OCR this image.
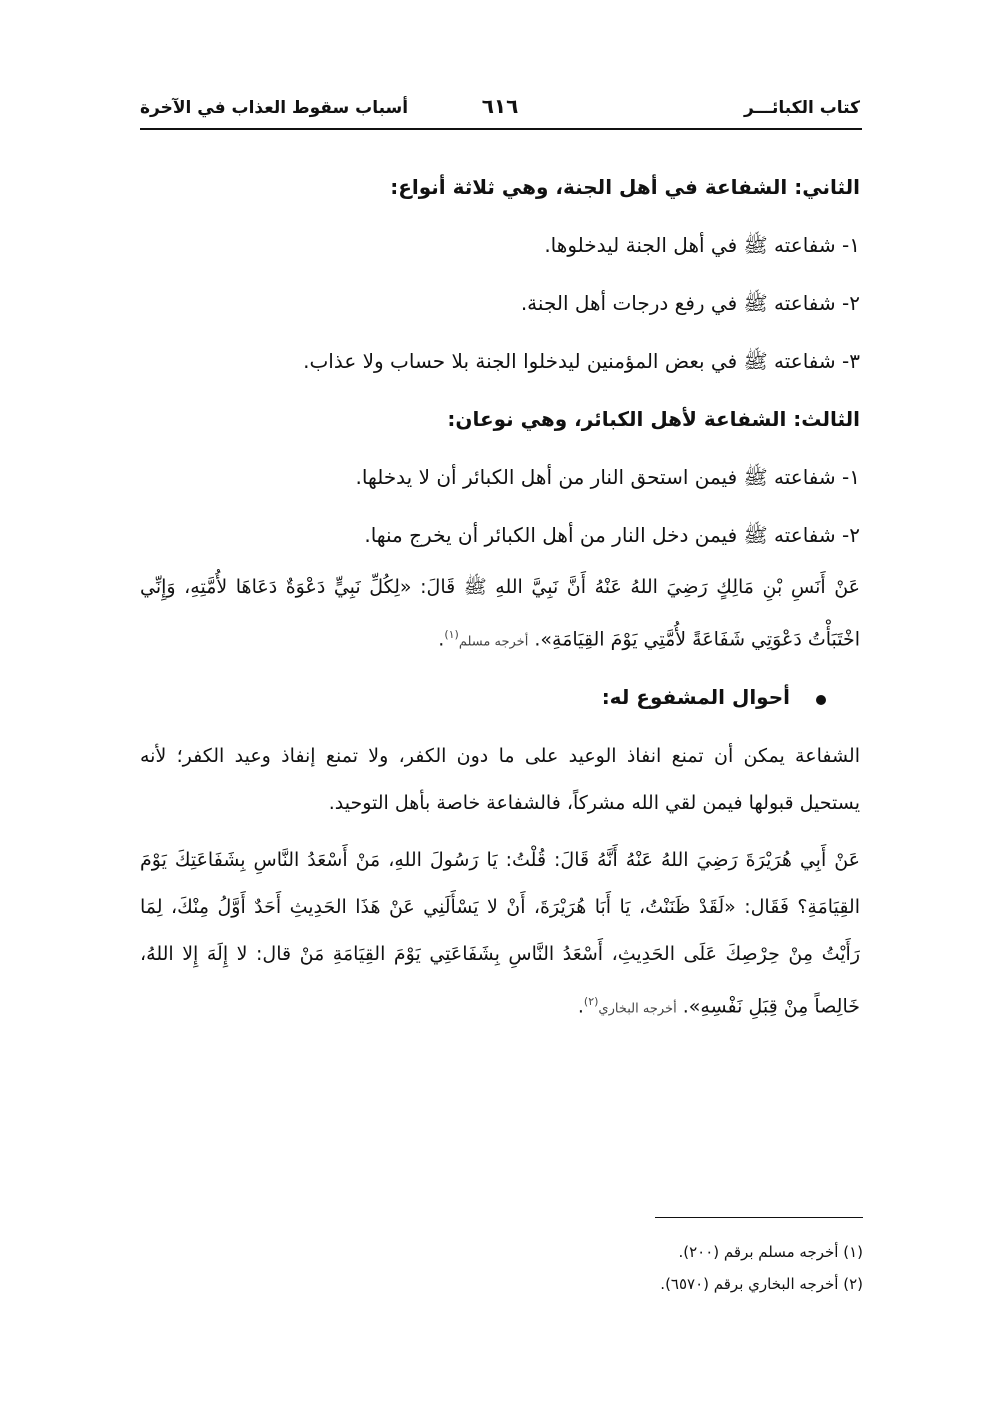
كتاب الكبائـــر
٦١٦
أسباب سقوط العذاب في الآخرة

الثاني: الشفاعة في أهل الجنة، وهي ثلاثة أنواع:

١- شفاعته ﷺ في أهل الجنة ليدخلوها.

٢- شفاعته ﷺ في رفع درجات أهل الجنة.

٣- شفاعته ﷺ في بعض المؤمنين ليدخلوا الجنة بلا حساب ولا عذاب.

الثالث: الشفاعة لأهل الكبائر، وهي نوعان:

١- شفاعته ﷺ فيمن استحق النار من أهل الكبائر أن لا يدخلها.

٢- شفاعته ﷺ فيمن دخل النار من أهل الكبائر أن يخرج منها.

عَنْ أَنَسِ بْنِ مَالِكٍ رَضِيَ اللهُ عَنْهُ أَنَّ نَبِيَّ اللهِ ﷺ قَالَ: «لِكُلِّ نَبِيٍّ دَعْوَةٌ دَعَاهَا لأُمَّتِهِ، وَإِنِّي اخْتَبَأْتُ دَعْوَتِي شَفَاعَةً لأُمَّتِي يَوْمَ القِيَامَةِ». أخرجه مسلم$^{(١)}$.

أحوال المشفوع له:

الشفاعة يمكن أن تمنع انفاذ الوعيد على ما دون الكفر، ولا تمنع إنفاذ وعيد الكفر؛ لأنه يستحيل قبولها فيمن لقي الله مشركاً، فالشفاعة خاصة بأهل التوحيد.

عَنْ أَبِي هُرَيْرَةَ رَضِيَ اللهُ عَنْهُ أَنَّهُ قَالَ: قُلْتُ: يَا رَسُولَ اللهِ، مَنْ أَسْعَدُ النَّاسِ بِشَفَاعَتِكَ يَوْمَ القِيَامَةِ؟ فَقَال: «لَقَدْ ظَنَنْتُ، يَا أَبَا هُرَيْرَةَ، أَنْ لا يَسْأَلَنِي عَنْ هَذَا الحَدِيثِ أَحَدٌ أَوَّلُ مِنْكَ، لِمَا رَأَيْتُ مِنْ حِرْصِكَ عَلَى الحَدِيثِ، أَسْعَدُ النَّاسِ بِشَفَاعَتِي يَوْمَ القِيَامَةِ مَنْ قال: لا إِلَهَ إِلا اللهُ، خَالِصاً مِنْ قِبَلِ نَفْسِهِ». أخرجه البخاري$^{(٢)}$.

(١) أخرجه مسلم برقم (٢٠٠).

(٢) أخرجه البخاري برقم (٦٥٧٠).
